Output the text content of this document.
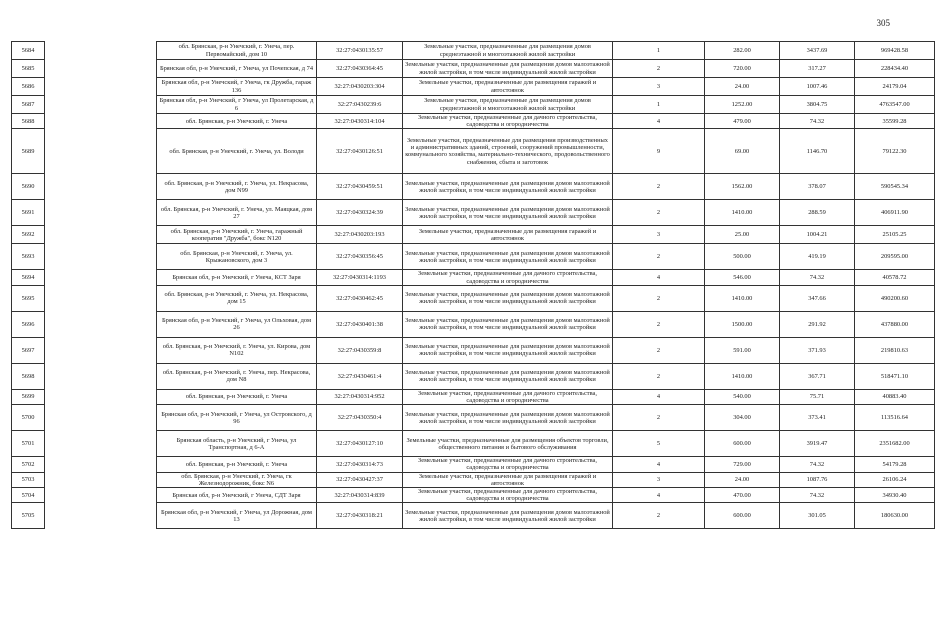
305
5684		обл. Брянская, р-н Унечский, г. Унеча, пер. Первомайский, дом 10	32:27:0430135:57	Земельные участки, предназначенные для размещения домов среднеэтажной и многоэтажной жилой застройки	1	282.00	3437.69	969428.58
5685		Брянская обл, р-н Унечский, г Унеча, ул Почепская, д 74	32:27:0430364:45	Земельные участки, предназначенные для размещения домов малоэтажной жилой застройки, в том числе индивидуальной жилой застройки	2	720.00	317.27	228434.40
5686		Брянская обл, р-н Унечский, г Унеча, гк Дружба, гараж 136	32:27:0430203:304	Земельные участки, предназначенные для размещения гаражей и автостоянок	3	24.00	1007.46	24179.04
5687		Брянская обл, р-н Унечский, г Унеча, ул Пролетарская, д 6	32:27:0430239:6	Земельные участки, предназначенные для размещения домов среднеэтажной и многоэтажной жилой застройки	1	1252.00	3804.75	4763547.00
5688		обл. Брянская, р-н Унечский, г. Унеча	32:27:0430314:104	Земельные участки, предназначенные для дачного строительства, садоводства и огородничества	4	479.00	74.32	35599.28
5689		обл. Брянская, р-н Унечский, г. Унеча, ул. Володи	32:27:0430126:51	Земельные участки, предназначенные для размещения производственных и административных зданий, строений, сооружений промышленности, коммунального хозяйства, материально-технического, продовольственного снабжения, сбыта и заготовок	9	69.00	1146.70	79122.30
5690		обл. Брянская, р-н Унечский, г. Унеча, ул. Некрасова, дом N99	32:27:0430459:51	Земельные участки, предназначенные для размещения домов малоэтажной жилой застройки, в том числе индивидуальной жилой застройки	2	1562.00	378.07	590545.34
5691		обл. Брянская, р-н Унечский, г. Унеча, ул. Маяцкая, дом 27	32:27:0430324:39	Земельные участки, предназначенные для размещения домов малоэтажной жилой застройки, в том числе индивидуальной жилой застройки	2	1410.00	288.59	406911.90
5692		обл. Брянская, р-н Унечский, г. Унеча, гаражный кооператив "Дружба", бокс N120	32:27:0430203:193	Земельные участки, предназначенные для размещения гаражей и автостоянок	3	25.00	1004.21	25105.25
5693		обл. Брянская, р-н Унечский, г. Унеча, ул. Крыжановского, дом 3	32:27:0430356:45	Земельные участки, предназначенные для размещения домов малоэтажной жилой застройки, в том числе индивидуальной жилой застройки	2	500.00	419.19	209595.00
5694		Брянская обл, р-н Унечский, г Унеча, КСТ Заря	32:27:0430314:1193	Земельные участки, предназначенные для дачного строительства, садоводства и огородничества	4	546.00	74.32	40578.72
5695		обл. Брянская, р-н Унечский, г. Унеча, ул. Некрасова, дом 15	32:27:0430462:45	Земельные участки, предназначенные для размещения домов малоэтажной жилой застройки, в том числе индивидуальной жилой застройки	2	1410.00	347.66	490200.60
5696		Брянская обл, р-н Унечский, г Унеча, ул Ольховая, дом 26	32:27:0430401:38	Земельные участки, предназначенные для размещения домов малоэтажной жилой застройки, в том числе индивидуальной жилой застройки	2	1500.00	291.92	437880.00
5697		обл. Брянская, р-н Унечский, г. Унеча, ул. Кирова, дом N102	32:27:0430359:8	Земельные участки, предназначенные для размещения домов малоэтажной жилой застройки, в том числе индивидуальной жилой застройки	2	591.00	371.93	219810.63
5698		обл. Брянская, р-н Унечский, г. Унеча, пер. Некрасова, дом N8	32:27:0430461:4	Земельные участки, предназначенные для размещения домов малоэтажной жилой застройки, в том числе индивидуальной жилой застройки	2	1410.00	367.71	518471.10
5699		обл. Брянская, р-н Унечский, г. Унеча	32:27:0430314:952	Земельные участки, предназначенные для дачного строительства, садоводства и огородничества	4	540.00	75.71	40883.40
5700		Брянская обл, р-н Унечский, г Унеча, ул Островского, д 96	32:27:0430350:4	Земельные участки, предназначенные для размещения домов малоэтажной жилой застройки, в том числе индивидуальной жилой застройки	2	304.00	373.41	113516.64
5701		Брянская область, р-н Унечский, г Унеча, ул Транспортная, д 6-А	32:27:0430127:10	Земельные участки, предназначенные для размещения объектов торговли, общественного питания и бытового обслуживания	5	600.00	3919.47	2351682.00
5702		обл. Брянская, р-н Унечский, г. Унеча	32:27:0430314:73	Земельные участки, предназначенные для дачного строительства, садоводства и огородничества	4	729.00	74.32	54179.28
5703		обл. Брянская, р-н Унечский, г. Унеча, гк Железнодорожник, бокс N6	32:27:0430427:37	Земельные участки, предназначенные для размещения гаражей и автостоянок	3	24.00	1087.76	26106.24
5704		Брянская обл, р-н Унечский, г Унеча, СДТ Заря	32:27:0430314:839	Земельные участки, предназначенные для дачного строительства, садоводства и огородничества	4	470.00	74.32	34930.40
5705		Брянская обл, р-н Унечский, г Унеча, ул Дорожная, дом 13	32:27:0430318:21	Земельные участки, предназначенные для размещения домов малоэтажной жилой застройки, в том числе индивидуальной жилой застройки	2	600.00	301.05	180630.00
